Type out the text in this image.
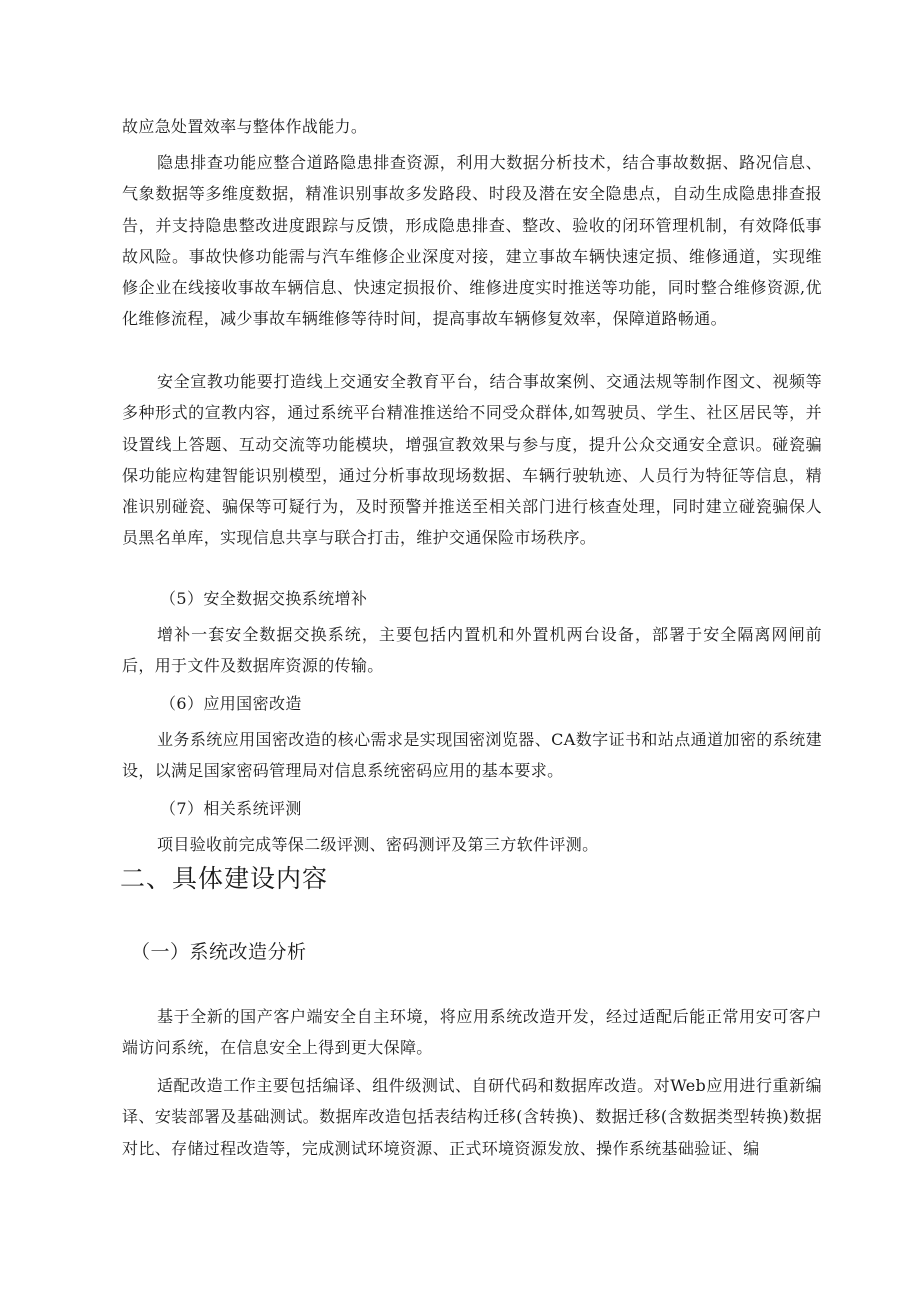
故应急处置效率与整体作战能力。

隐患排查功能应整合道路隐患排查资源，利用大数据分析技术，结合事故数据、路况信息、气象数据等多维度数据，精准识别事故多发路段、时段及潜在安全隐患点，自动生成隐患排查报告，并支持隐患整改进度跟踪与反馈，形成隐患排查、整改、验收的闭环管理机制，有效降低事故风险。事故快修功能需与汽车维修企业深度对接，建立事故车辆快速定损、维修通道，实现维修企业在线接收事故车辆信息、快速定损报价、维修进度实时推送等功能，同时整合维修资源,优化维修流程，减少事故车辆维修等待时间，提高事故车辆修复效率，保障道路畅通。

安全宣教功能要打造线上交通安全教育平台，结合事故案例、交通法规等制作图文、视频等多种形式的宣教内容，通过系统平台精准推送给不同受众群体,如驾驶员、学生、社区居民等，并设置线上答题、互动交流等功能模块，增强宣教效果与参与度，提升公众交通安全意识。碰瓷骗保功能应构建智能识别模型，通过分析事故现场数据、车辆行驶轨迹、人员行为特征等信息，精准识别碰瓷、骗保等可疑行为，及时预警并推送至相关部门进行核查处理，同时建立碰瓷骗保人员黑名单库，实现信息共享与联合打击，维护交通保险市场秩序。

（5）安全数据交换系统增补

增补一套安全数据交换系统，主要包括内置机和外置机两台设备，部署于安全隔离网闸前后，用于文件及数据库资源的传输。

（6）应用国密改造

业务系统应用国密改造的核心需求是实现国密浏览器、CA数字证书和站点通道加密的系统建设，以满足国家密码管理局对信息系统密码应用的基本要求。

（7）相关系统评测

项目验收前完成等保二级评测、密码测评及第三方软件评测。

二、具体建设内容
（一）系统改造分析

基于全新的国产客户端安全自主环境，将应用系统改造开发，经过适配后能正常用安可客户端访问系统，在信息安全上得到更大保障。

适配改造工作主要包括编译、组件级测试、自研代码和数据库改造。对Web应用进行重新编译、安装部署及基础测试。数据库改造包括表结构迁移(含转换)、数据迁移(含数据类型转换)数据对比、存储过程改造等，完成测试环境资源、正式环境资源发放、操作系统基础验证、编
